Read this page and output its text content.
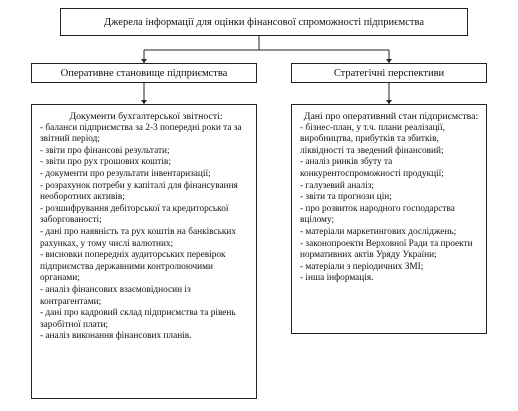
Джерела інформації для оцінки фінансової спроможності підприємства
Оперативне становище підприємства	Стратегічні перспективи
Документи бухгалтерської звітності:
- баланси підприємства за 2-3 попередні роки та за звітний період;
- звіти про фінансові результати;
- звіти про рух грошових коштів;
- документи про результати інвентаризації;
- розрахунок потреби у капіталі для фінансування необоротних активів;
- розшифрування дебіторської та кредиторської заборгованості;
- дані про наявність та рух коштів на банківських рахунках, у тому числі валютних;
- висновки попередніх аудиторських перевірок підприємства державними контролюючими органами;
- аналіз фінансових взаємовідносин із контрагентами;
- дані про кадровий склад підприємства та рівень заробітної плати;
- аналіз виконання фінансових планів.
Дані про оперативний стан підприємства:
- бізнес-план, у т.ч. плани реалізації, виробництва, прибутків та збитків, ліквідності та зведений фінансовий;
- аналіз ринків збуту та конкурентоспроможності продукції;
- галузевий аналіз;
- звіти та прогнози цін;
- про розвиток народного господарства вцілому;
- матеріали маркетингових досліджень;
- законопроекти Верховної Ради та проекти нормативних актів Уряду України;
- матеріали з періодичних ЗМІ;
- інша інформація.
